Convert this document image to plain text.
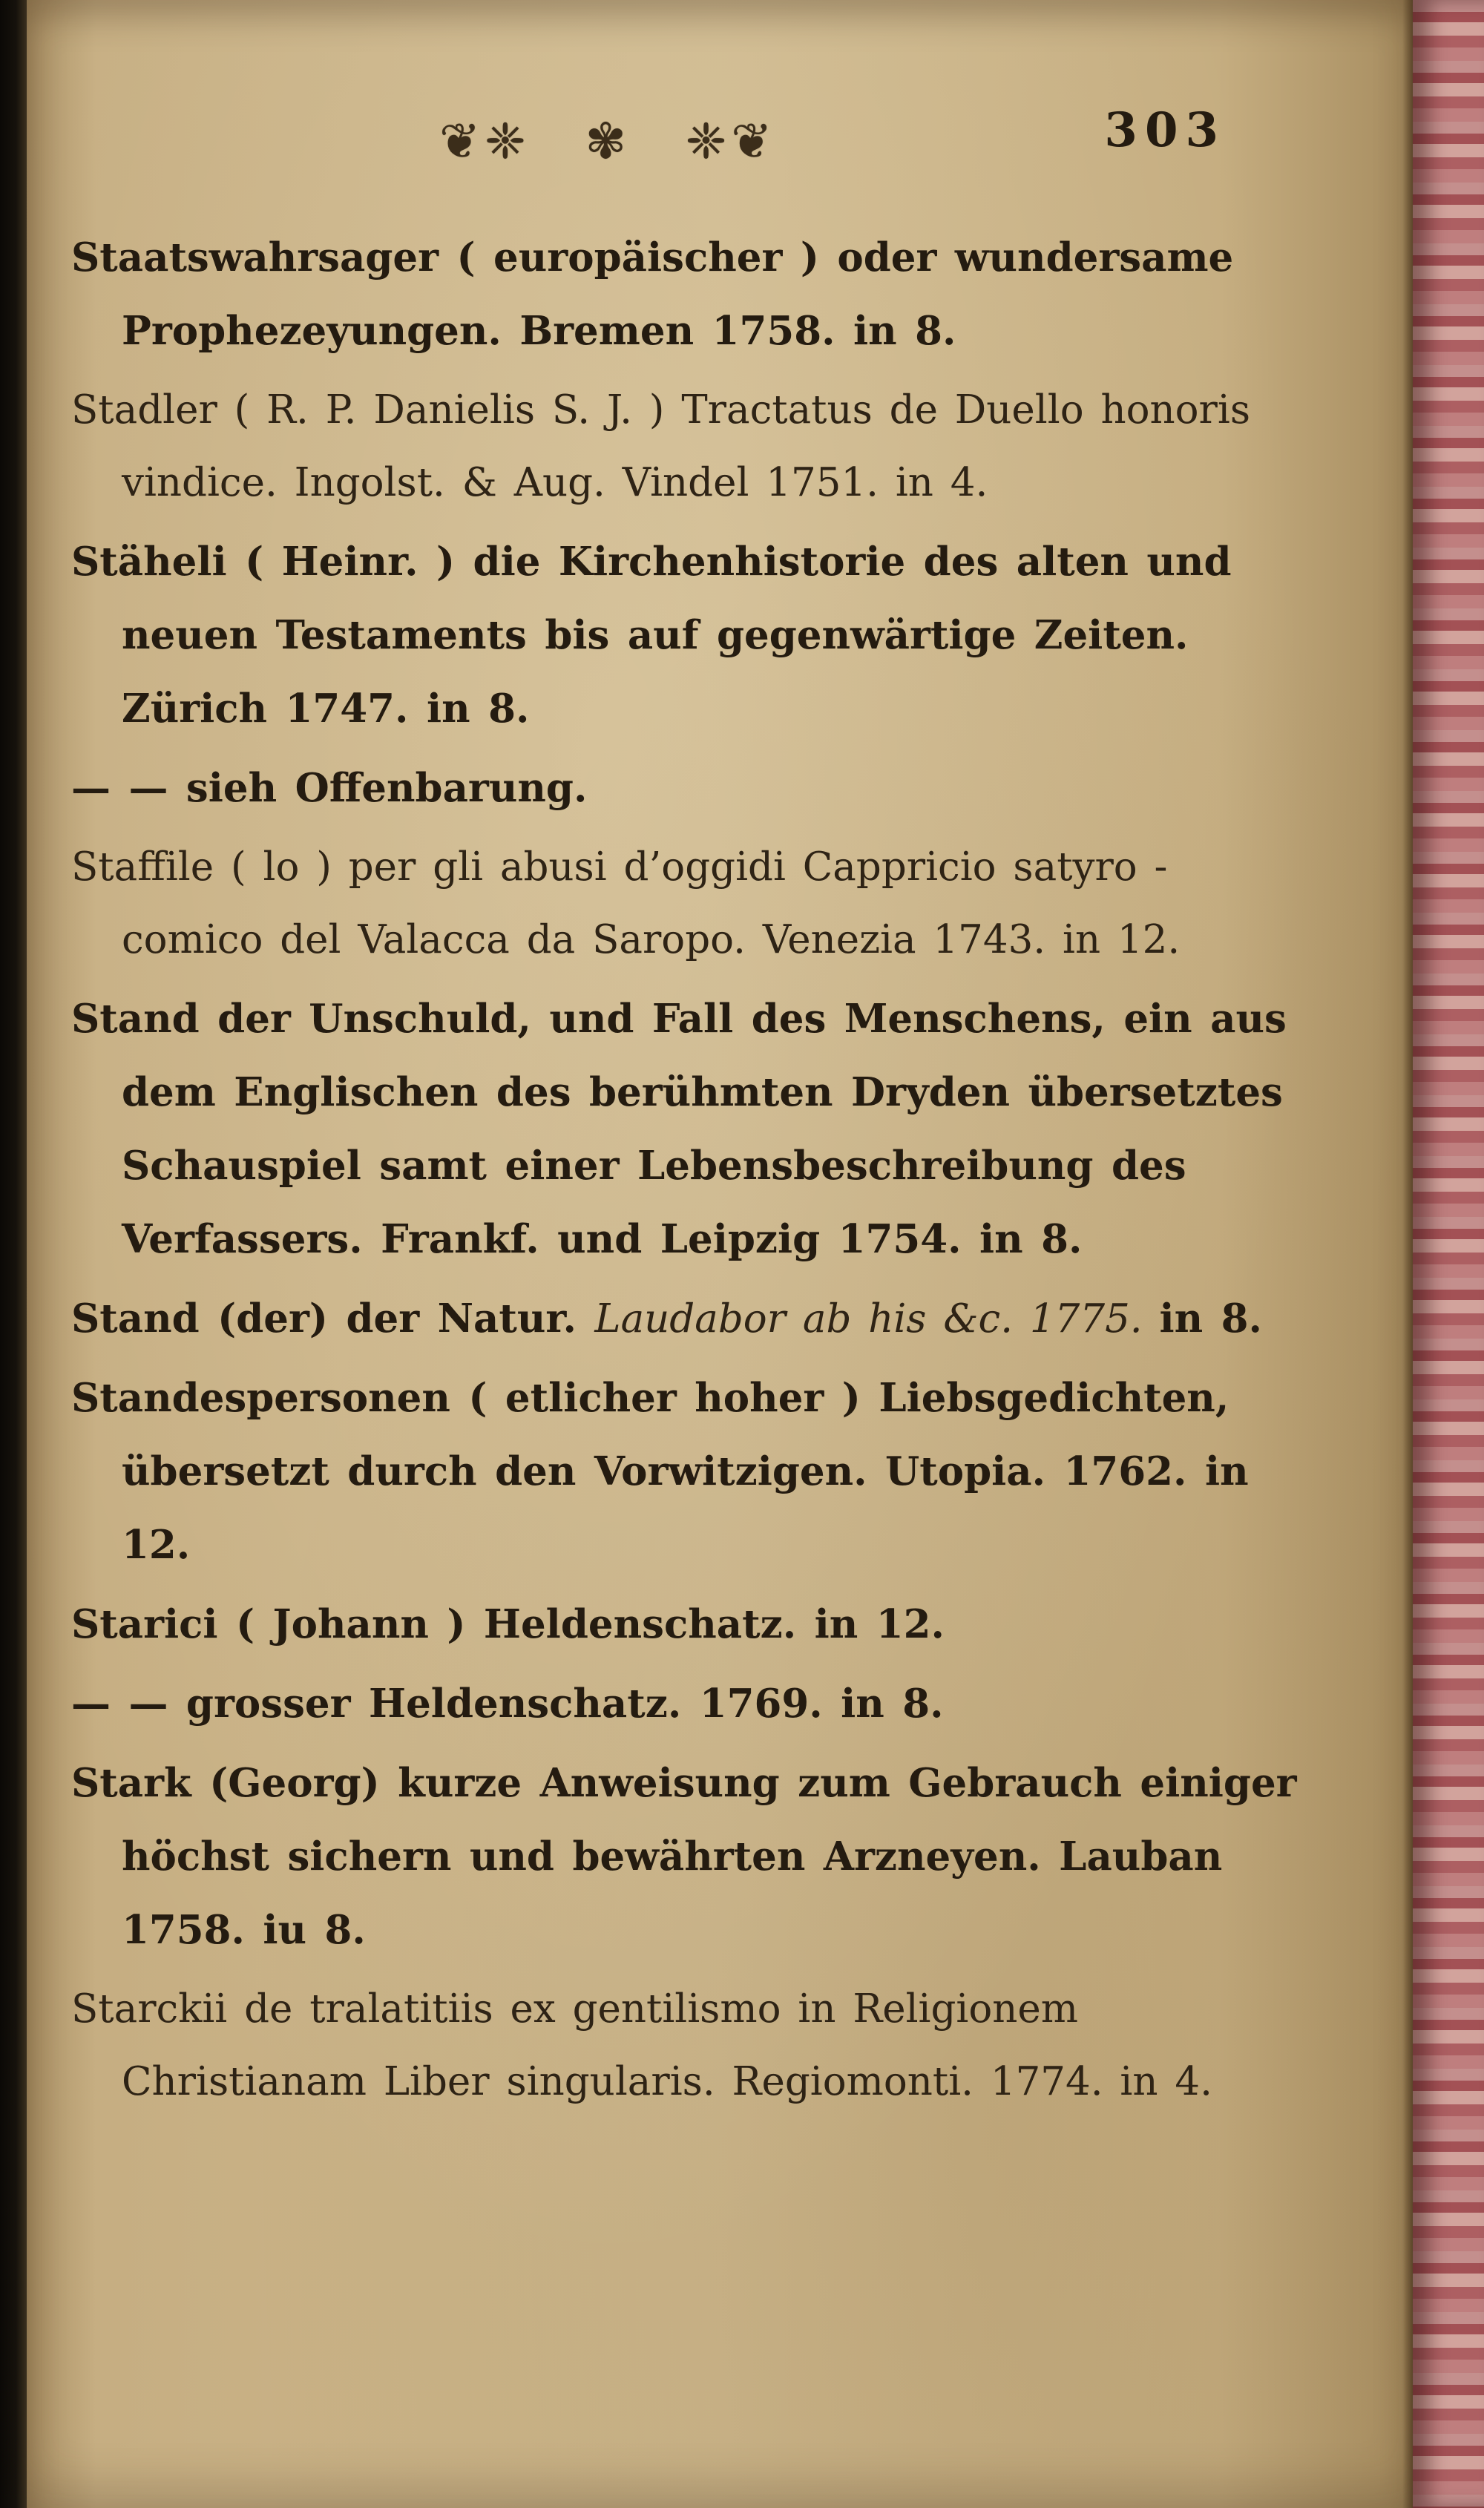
❦❈ ✾ ❈❦	303

Staatswahrsager ( europäischer ) oder wundersame Prophezeyungen. Bremen 1758. in 8.

Stadler ( R. P. Danielis S. J. ) Tractatus de Duello honoris vindice. Ingolst. & Aug. Vindel 1751. in 4.

Stäheli ( Heinr. ) die Kirchenhistorie des alten und neuen Testaments bis auf gegenwärtige Zeiten. Zürich 1747. in 8.

— — sieh Offenbarung.

Staffile ( lo ) per gli abusi d’oggidi Cappricio satyro - comico del Valacca da Saropo. Venezia 1743. in 12.

Stand der Unschuld, und Fall des Menschens, ein aus dem Englischen des berühmten Dryden übersetztes Schauspiel samt einer Lebensbeschreibung des Verfassers. Frankf. und Leipzig 1754. in 8.

Stand (der) der Natur. Laudabor ab his &c. 1775. in 8.

Standespersonen ( etlicher hoher ) Liebsgedichten, übersetzt durch den Vorwitzigen. Utopia. 1762. in 12.

Starici ( Johann ) Heldenschatz. in 12.

— — grosser Heldenschatz. 1769. in 8.

Stark (Georg) kurze Anweisung zum Gebrauch einiger höchst sichern und bewährten Arzneyen. Lauban 1758. iu 8.

Starckii de tralatitiis ex gentilismo in Religionem Christianam Liber singularis. Regiomonti. 1774. in 4.
